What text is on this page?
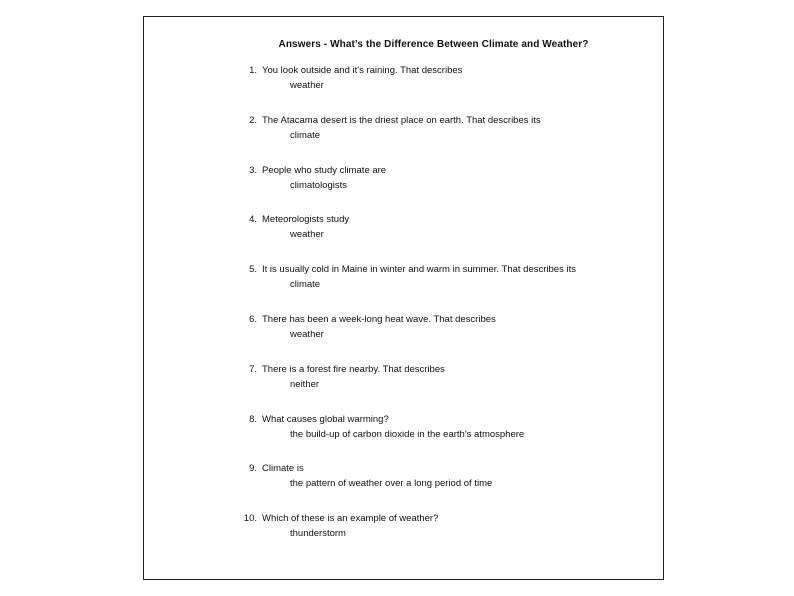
Answers - What’s the Difference Between Climate and Weather?
1. You look outside and it's raining. That describes
weather
2. The Atacama desert is the driest place on earth. That describes its
climate
3. People who study climate are
climatologists
4. Meteorologists study
weather
5. It is usually cold in Maine in winter and warm in summer. That describes its
climate
6. There has been a week-long heat wave. That describes
weather
7. There is a forest fire nearby. That describes
neither
8. What causes global warming?
the build-up of carbon dioxide in the earth's atmosphere
9. Climate is
the pattern of weather over a long period of time
10. Which of these is an example of weather?
thunderstorm
